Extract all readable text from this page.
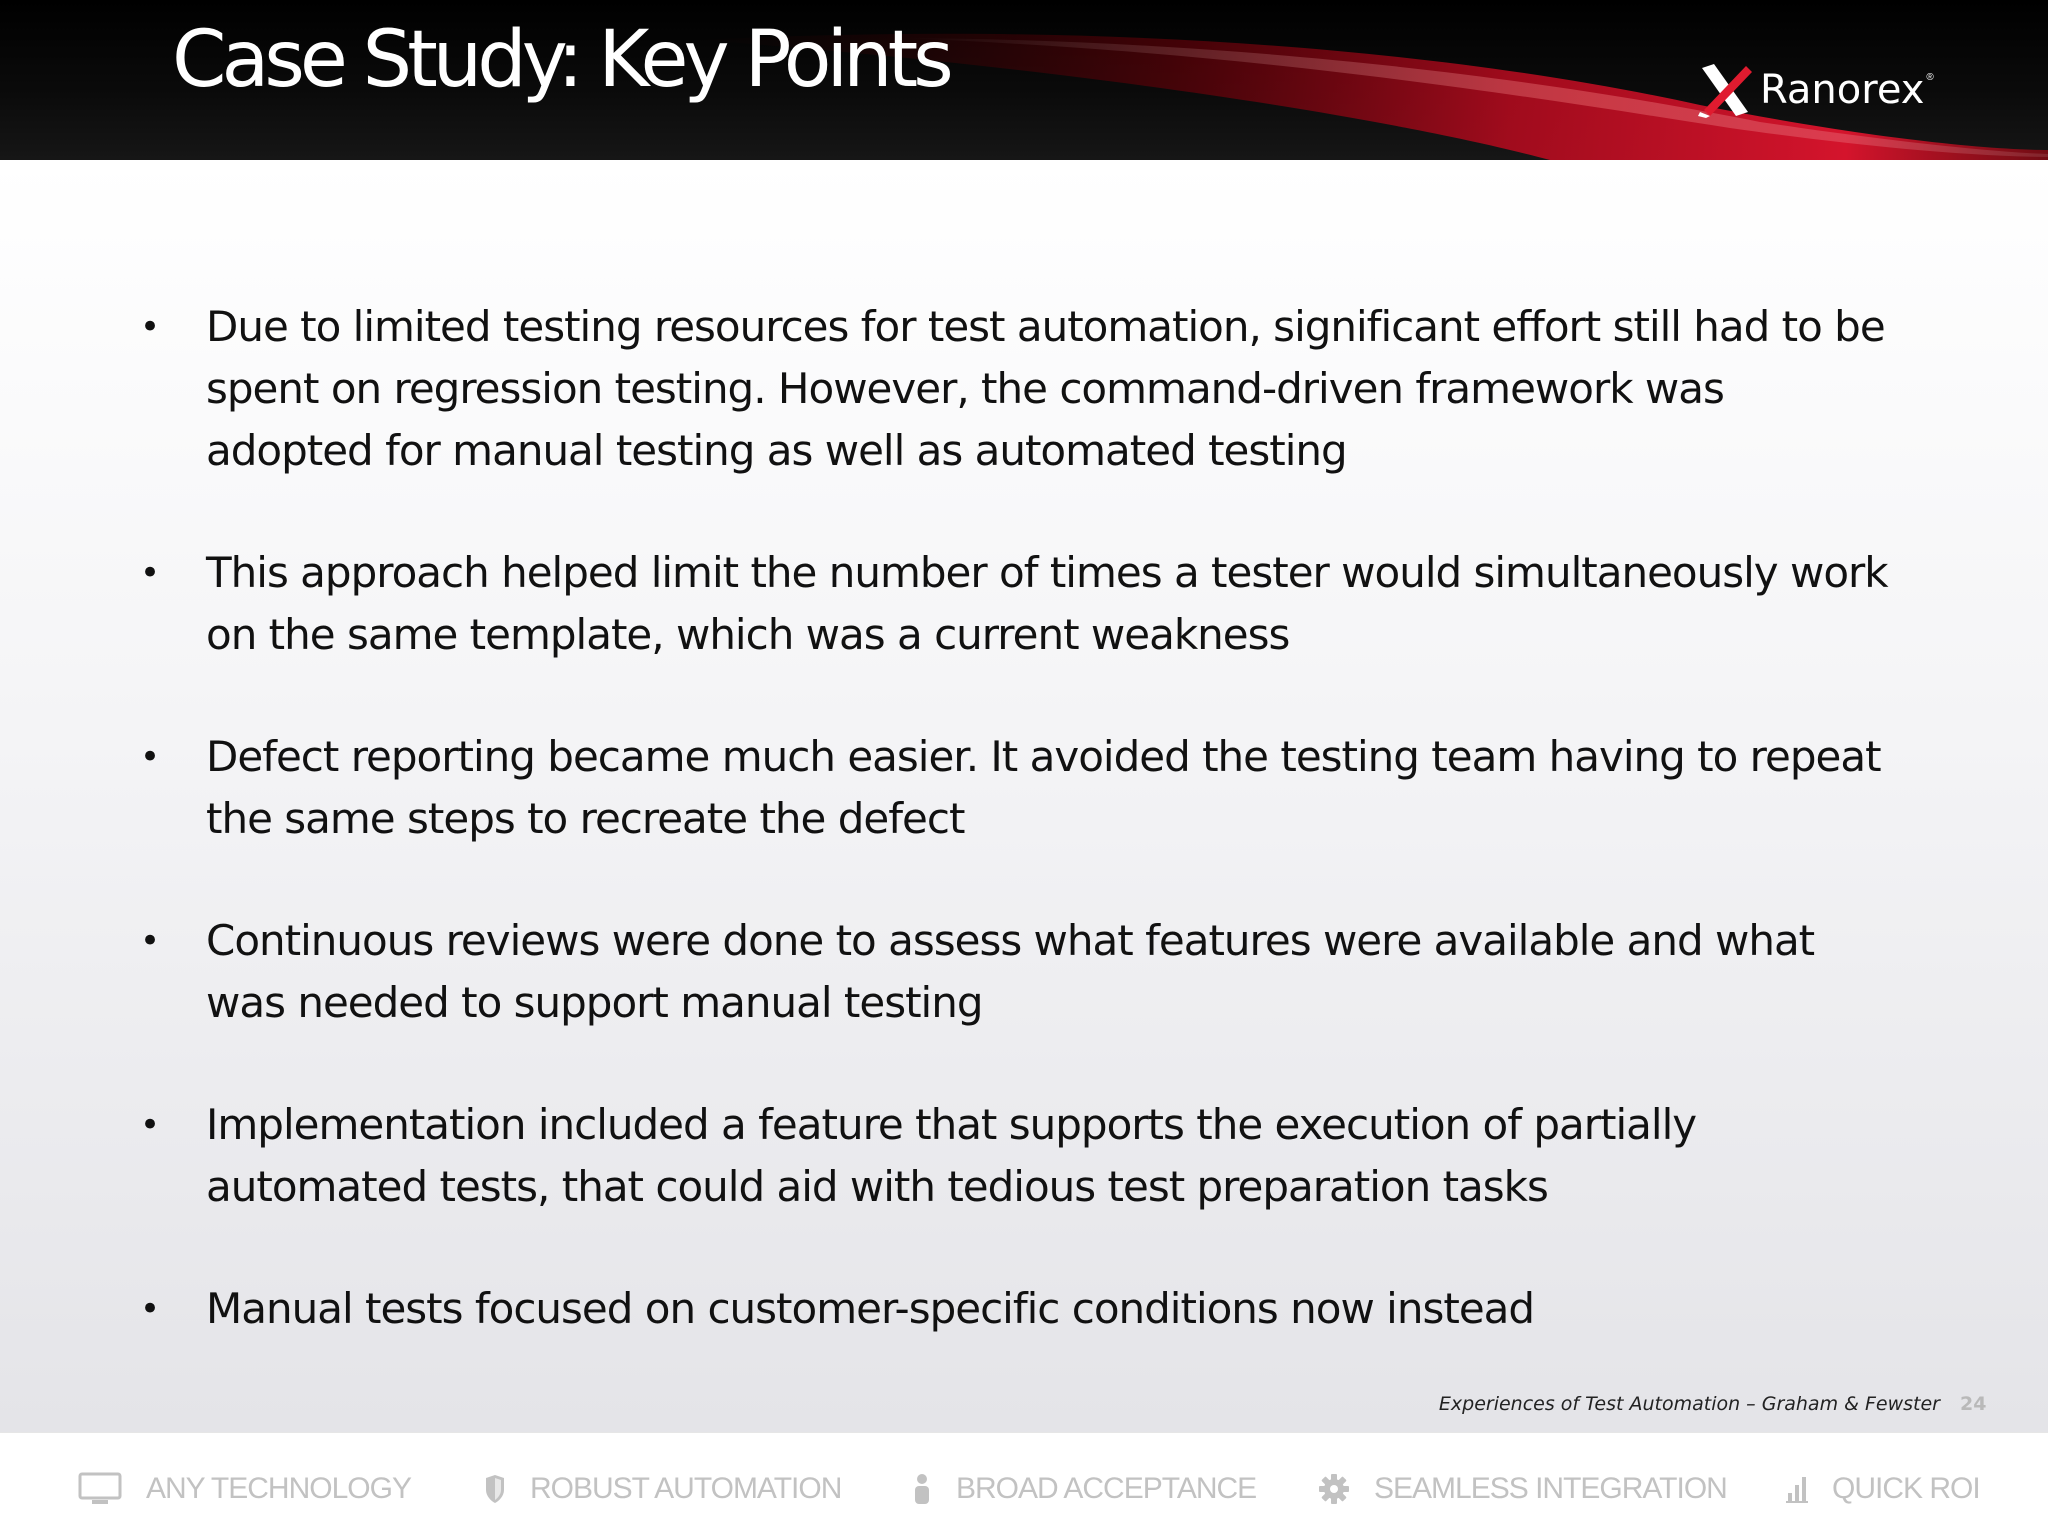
Case Study: Key Points	Ranorex ®
• Due to limited testing resources for test automation, significant effort still had to be spent on regression testing. However, the command-driven framework was adopted for manual testing as well as automated testing
• This approach helped limit the number of times a tester would simultaneously work on the same template, which was a current weakness
• Defect reporting became much easier. It avoided the testing team having to repeat the same steps to recreate the defect
• Continuous reviews were done to assess what features were available and what was needed to support manual testing
• Implementation included a feature that supports the execution of partially automated tests, that could aid with tedious test preparation tasks
• Manual tests focused on customer-specific conditions now instead
Experiences of Test Automation – Graham & Fewster 24
ANY TECHNOLOGY	ROBUST AUTOMATION	BROAD ACCEPTANCE	SEAMLESS INTEGRATION	QUICK ROI
